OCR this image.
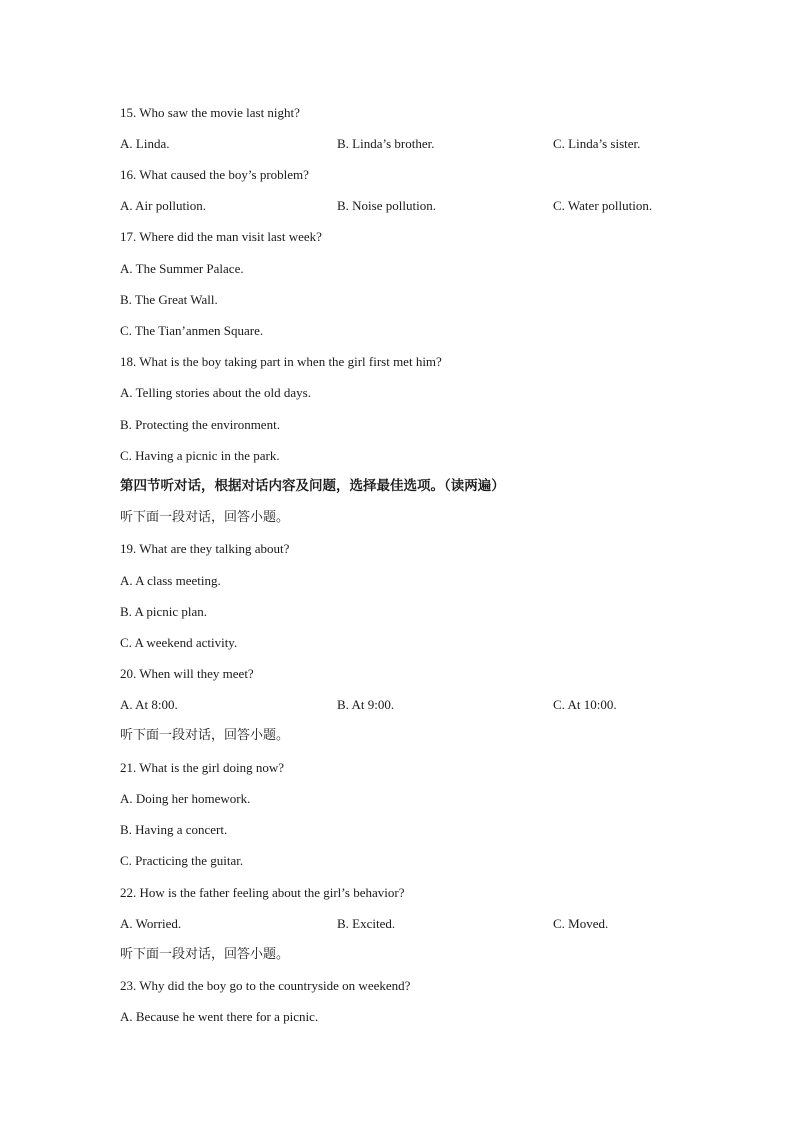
15. Who saw the movie last night?
A. Linda.	B. Linda’s brother.	C. Linda’s sister.
16. What caused the boy’s problem?
A. Air pollution.	B. Noise pollution.	C. Water pollution.
17. Where did the man visit last week?
A. The Summer Palace.
B. The Great Wall.
C. The Tian’anmen Square.
18. What is the boy taking part in when the girl first met him?
A. Telling stories about the old days.
B. Protecting the environment.
C. Having a picnic in the park.
第四节听对话，根据对话内容及问题，选择最佳选项。（读两遍）
听下面一段对话，回答小题。
19. What are they talking about?
A. A class meeting.
B. A picnic plan.
C. A weekend activity.
20. When will they meet?
A. At 8:00.	B. At 9:00.	C. At 10:00.
听下面一段对话，回答小题。
21. What is the girl doing now?
A. Doing her homework.
B. Having a concert.
C. Practicing the guitar.
22. How is the father feeling about the girl’s behavior?
A. Worried.	B. Excited.	C. Moved.
听下面一段对话，回答小题。
23. Why did the boy go to the countryside on weekend?
A. Because he went there for a picnic.
